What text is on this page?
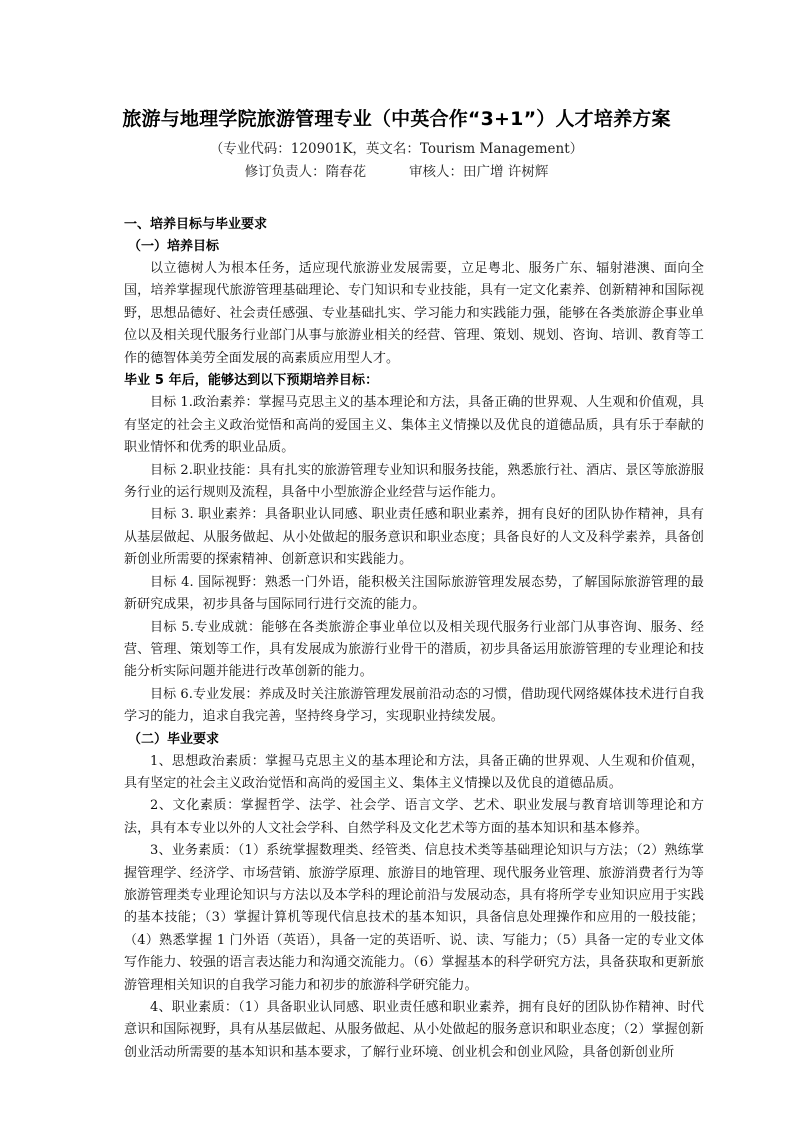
旅游与地理学院旅游管理专业（中英合作“3+1”）人才培养方案
（专业代码：120901K，英文名：Tourism Management）
修订负责人：隋春花          审核人：田广增 许树辉
一、培养目标与毕业要求
（一）培养目标

以立德树人为根本任务，适应现代旅游业发展需要，立足粤北、服务广东、辐射港澳、面向全国，培养掌握现代旅游管理基础理论、专门知识和专业技能，具有一定文化素养、创新精神和国际视野，思想品德好、社会责任感强、专业基础扎实、学习能力和实践能力强，能够在各类旅游企事业单位以及相关现代服务行业部门从事与旅游业相关的经营、管理、策划、规划、咨询、培训、教育等工作的德智体美劳全面发展的高素质应用型人才。

毕业 5 年后，能够达到以下预期培养目标：

目标 1.政治素养：掌握马克思主义的基本理论和方法，具备正确的世界观、人生观和价值观，具有坚定的社会主义政治觉悟和高尚的爱国主义、集体主义情操以及优良的道德品质，具有乐于奉献的职业情怀和优秀的职业品质。

目标 2.职业技能：具有扎实的旅游管理专业知识和服务技能，熟悉旅行社、酒店、景区等旅游服务行业的运行规则及流程，具备中小型旅游企业经营与运作能力。

目标 3. 职业素养：具备职业认同感、职业责任感和职业素养，拥有良好的团队协作精神，具有从基层做起、从服务做起、从小处做起的服务意识和职业态度；具备良好的人文及科学素养，具备创新创业所需要的探索精神、创新意识和实践能力。

目标 4. 国际视野：熟悉一门外语，能积极关注国际旅游管理发展态势，了解国际旅游管理的最新研究成果，初步具备与国际同行进行交流的能力。

目标 5.专业成就：能够在各类旅游企事业单位以及相关现代服务行业部门从事咨询、服务、经营、管理、策划等工作，具有发展成为旅游行业骨干的潜质，初步具备运用旅游管理的专业理论和技能分析实际问题并能进行改革创新的能力。

目标 6.专业发展：养成及时关注旅游管理发展前沿动态的习惯，借助现代网络媒体技术进行自我学习的能力，追求自我完善，坚持终身学习，实现职业持续发展。

（二）毕业要求

1、思想政治素质：掌握马克思主义的基本理论和方法，具备正确的世界观、人生观和价值观，具有坚定的社会主义政治觉悟和高尚的爱国主义、集体主义情操以及优良的道德品质。

2、文化素质：掌握哲学、法学、社会学、语言文学、艺术、职业发展与教育培训等理论和方法，具有本专业以外的人文社会学科、自然学科及文化艺术等方面的基本知识和基本修养。

3、业务素质：（1）系统掌握数理类、经管类、信息技术类等基础理论知识与方法；（2）熟练掌握管理学、经济学、市场营销、旅游学原理、旅游目的地管理、现代服务业管理、旅游消费者行为等旅游管理类专业理论知识与方法以及本学科的理论前沿与发展动态，具有将所学专业知识应用于实践的基本技能；（3）掌握计算机等现代信息技术的基本知识，具备信息处理操作和应用的一般技能；（4）熟悉掌握 1 门外语（英语），具备一定的英语听、说、读、写能力；（5）具备一定的专业文体写作能力、较强的语言表达能力和沟通交流能力。（6）掌握基本的科学研究方法，具备获取和更新旅游管理相关知识的自我学习能力和初步的旅游科学研究能力。

4、职业素质：（1）具备职业认同感、职业责任感和职业素养，拥有良好的团队协作精神、时代意识和国际视野，具有从基层做起、从服务做起、从小处做起的服务意识和职业态度；（2）掌握创新创业活动所需要的基本知识和基本要求，了解行业环境、创业机会和创业风险，具备创新创业所
